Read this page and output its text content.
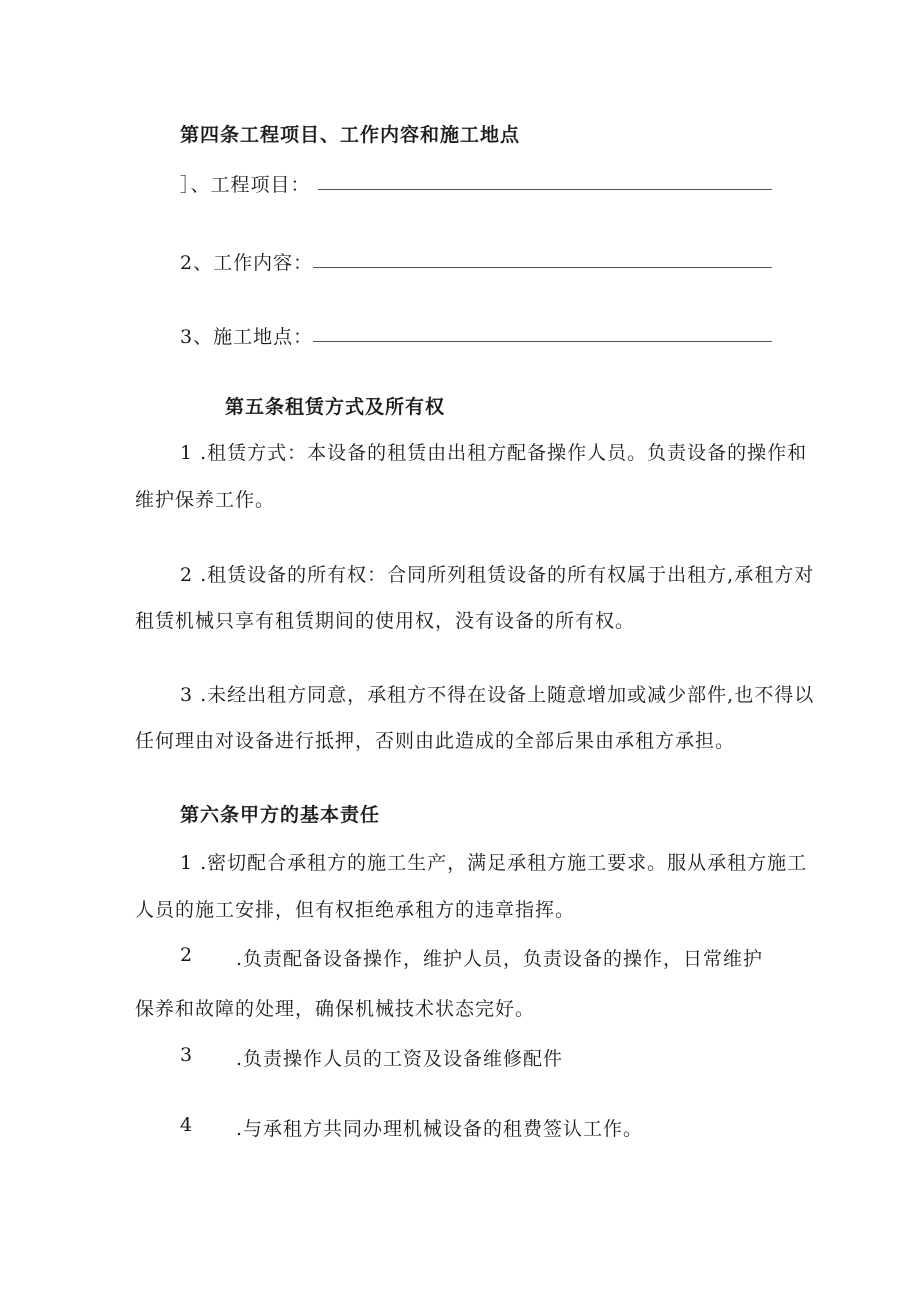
第四条工程项目、工作内容和施工地点
］、工程项目：
2、工作内容：
3、施工地点：
第五条租赁方式及所有权
1 .租赁方式：本设备的租赁由出租方配备操作人员。负责设备的操作和
维护保养工作。
2 .租赁设备的所有权：合同所列租赁设备的所有权属于出租方,承租方对
租赁机械只享有租赁期间的使用权，没有设备的所有权。
3 .未经出租方同意，承租方不得在设备上随意增加或减少部件,也不得以
任何理由对设备进行抵押，否则由此造成的全部后果由承租方承担。
第六条甲方的基本责任
1 .密切配合承租方的施工生产，满足承租方施工要求。服从承租方施工
人员的施工安排，但有权拒绝承租方的违章指挥。
2 .负责配备设备操作，维护人员，负责设备的操作，日常维护
保养和故障的处理，确保机械技术状态完好。
3 .负责操作人员的工资及设备维修配件
4 .与承租方共同办理机械设备的租费签认工作。
